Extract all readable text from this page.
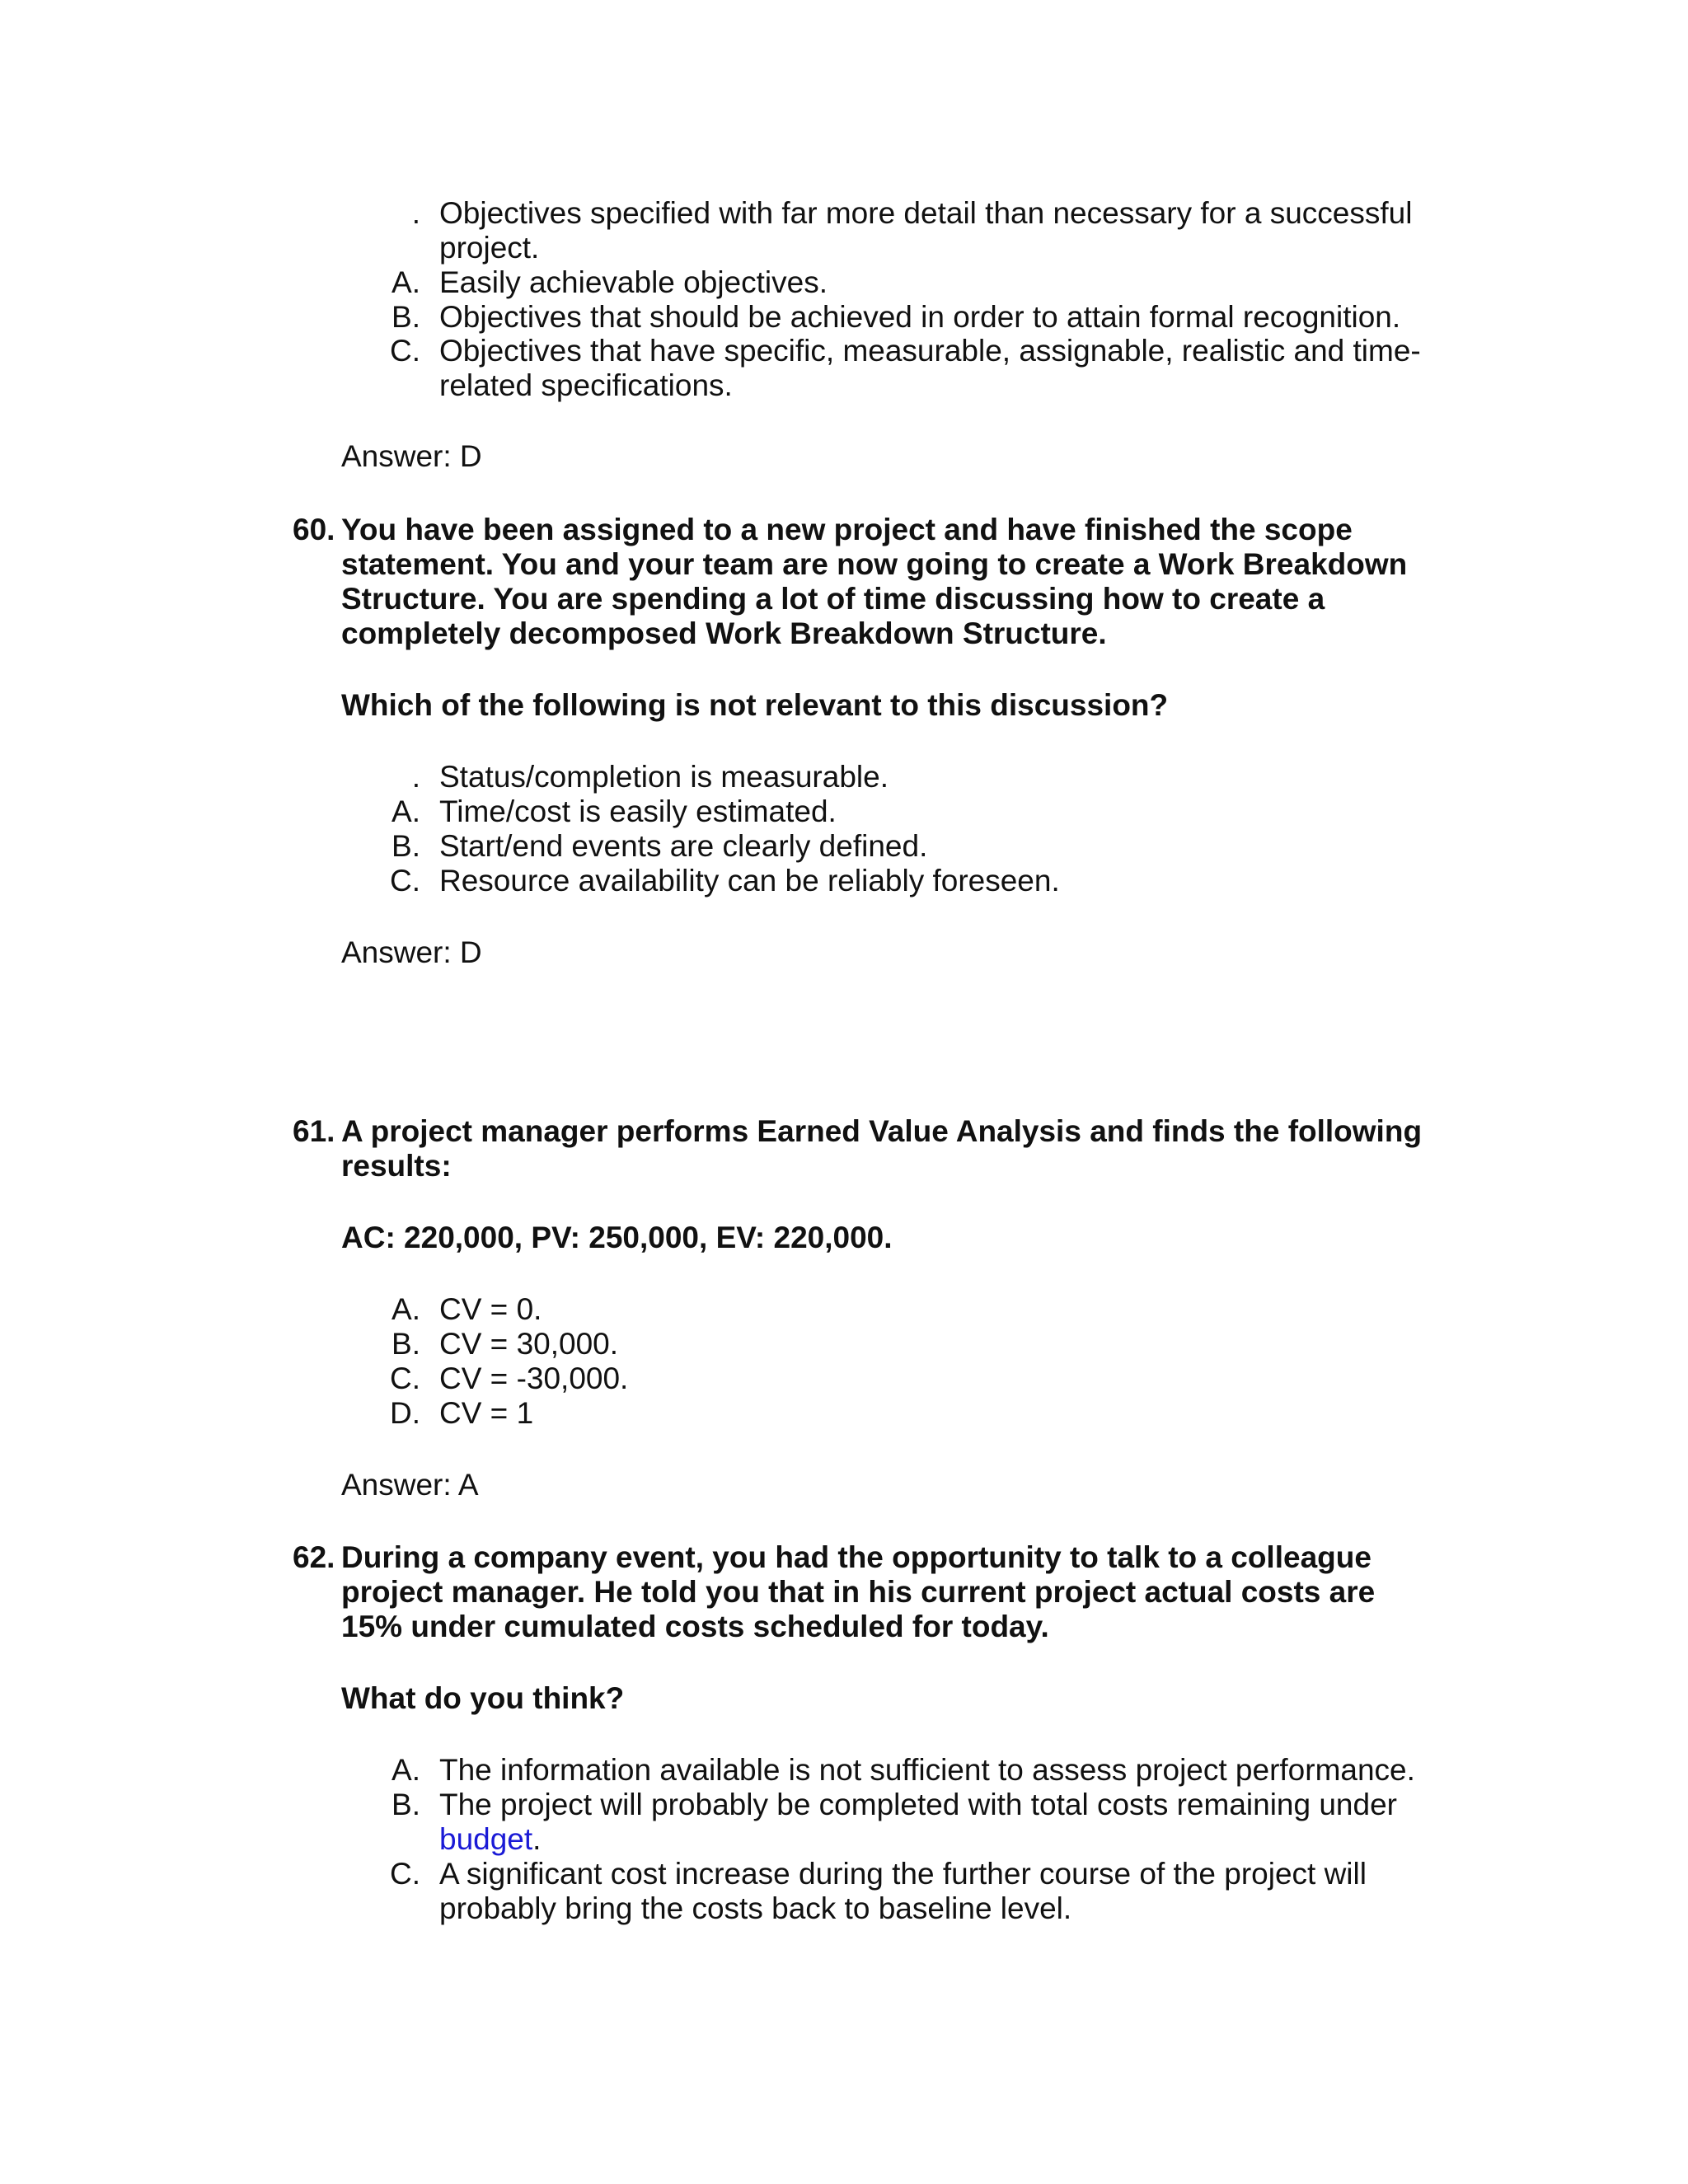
. Objectives specified with far more detail than necessary for a successful
project.
A. Easily achievable objectives.
B. Objectives that should be achieved in order to attain formal recognition.
C. Objectives that have specific, measurable, assignable, realistic and time-
related specifications.
Answer: D
60. You have been assigned to a new project and have finished the scope
statement. You and your team are now going to create a Work Breakdown
Structure. You are spending a lot of time discussing how to create a
completely decomposed Work Breakdown Structure.
Which of the following is not relevant to this discussion?
. Status/completion is measurable.
A. Time/cost is easily estimated.
B. Start/end events are clearly defined.
C. Resource availability can be reliably foreseen.
Answer: D
61. A project manager performs Earned Value Analysis and finds the following
results:
AC: 220,000, PV: 250,000, EV: 220,000.
A. CV = 0.
B. CV = 30,000.
C. CV = -30,000.
D. CV = 1
Answer: A
62. During a company event, you had the opportunity to talk to a colleague
project manager. He told you that in his current project actual costs are
15% under cumulated costs scheduled for today.
What do you think?
A. The information available is not sufficient to assess project performance.
B. The project will probably be completed with total costs remaining under
budget.
C. A significant cost increase during the further course of the project will
probably bring the costs back to baseline level.
